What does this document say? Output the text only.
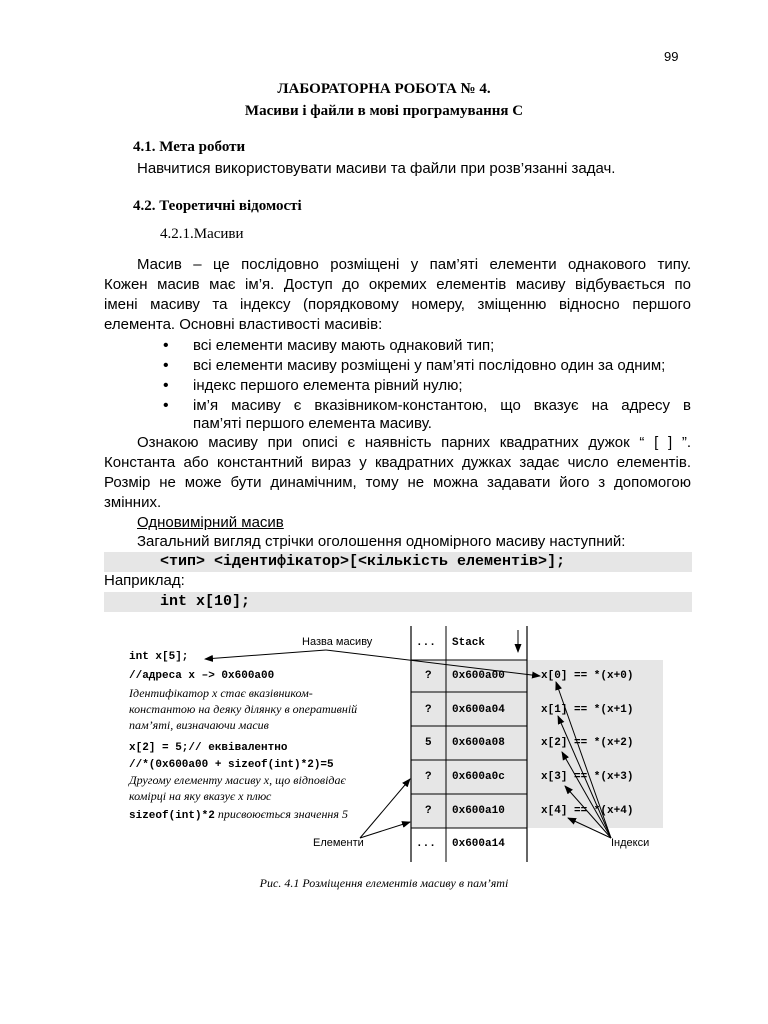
99
ЛАБОРАТОРНА РОБОТА № 4.
Масиви і файли в мові програмування С
4.1. Мета роботи
Навчитися використовувати масиви та файли при розв’язанні задач.
4.2. Теоретичні відомості
4.2.1.Масиви
Масив – це послідовно розміщені у пам’яті елементи однакового типу.
Кожен масив має ім’я. Доступ до окремих елементів масиву відбувається по
імені масиву та індексу (порядковому номеру, зміщенню відносно першого
елемента. Основні властивості масивів:
• всі елементи масиву мають однаковий тип;
• всі елементи масиву розміщені у пам’яті послідовно один за одним;
• індекс першого елемента рівний нулю;
• ім’я масиву є вказівником-константою, що вказує на адресу в
пам’яті першого елемента масиву.
Ознакою масиву при описі є наявність парних квадратних дужок “ [ ] ”.
Константа або константний вираз у квадратних дужках задає число елементів.
Розмір не може бути динамічним, тому не можна задавати його з допомогою
змінних.
Одновимірний масив
Загальний вигляд стрічки оголошення одномірного масиву наступний:
<тип> <ідентифікатор>[<кількість елементів>];
Наприклад:
int x[10];
Назва масиву
int x[5];
//адреса x –> 0x600a00
Ідентифікатор x стає вказівником-
константою на деяку ділянку в оперативній
пам’яті, визначаючи масив
x[2] = 5;// еквівалентно
//*(0x600a00 + sizeof(int)*2)=5
Другому елементу масиву x, що відповідає
комірці на яку вказує x плюс
sizeof(int)*2 присвоюється значення 5
Елементи	Індекси
... Stack
? 0x600a00	x[0] == *(x+0)
? 0x600a04	x[1] == *(x+1)
5 0x600a08	x[2] == *(x+2)
? 0x600a0c	x[3] == *(x+3)
? 0x600a10	x[4] == *(x+4)
... 0x600a14
Рис. 4.1 Розміщення елементів масиву в пам’яті
